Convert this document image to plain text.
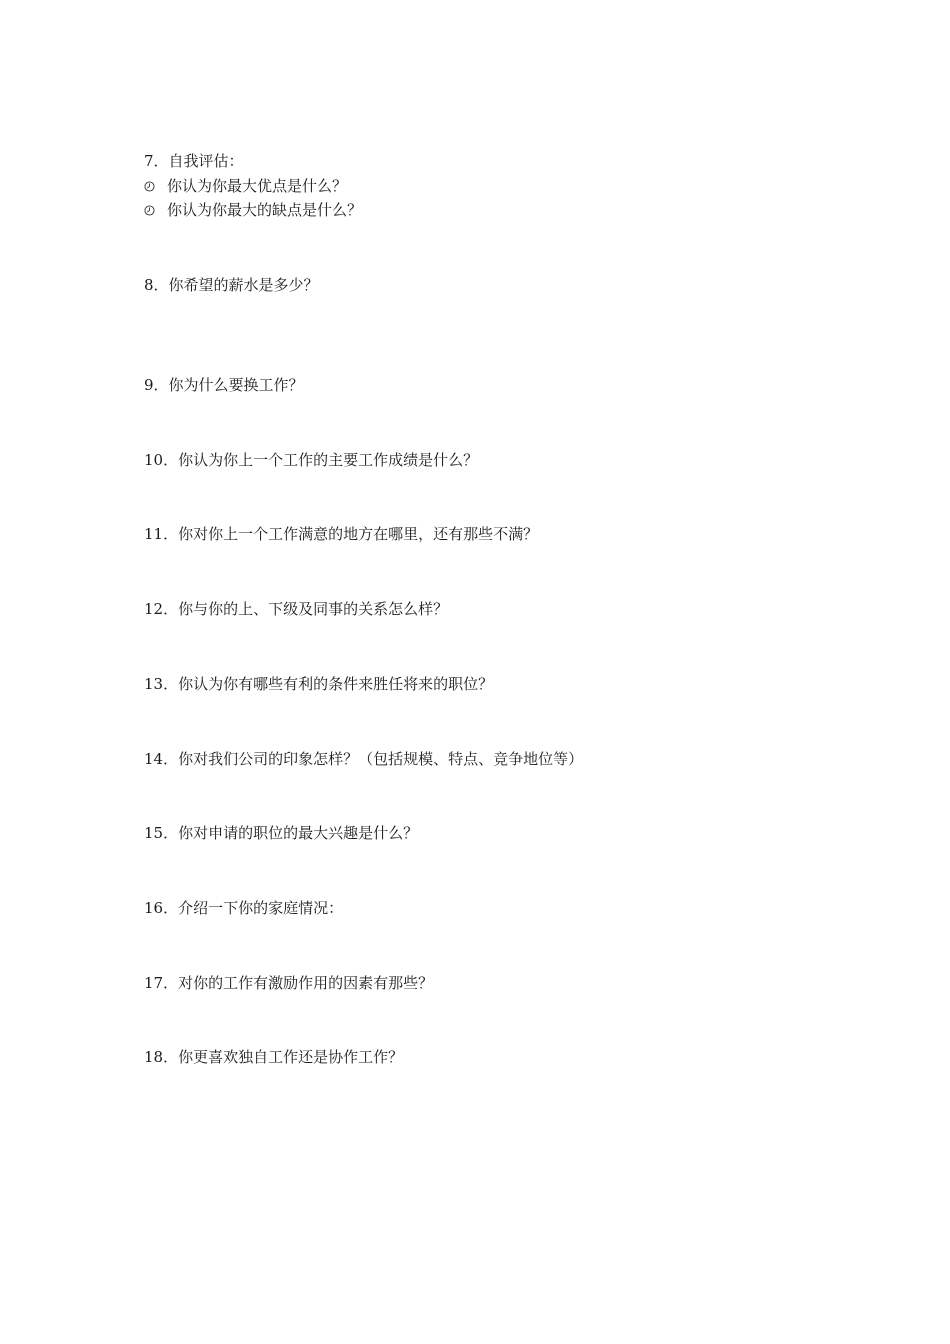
7．自我评估：
你认为你最大优点是什么？
你认为你最大的缺点是什么？
8．你希望的薪水是多少？
9．你为什么要换工作？
10．你认为你上一个工作的主要工作成绩是什么？
11．你对你上一个工作满意的地方在哪里，还有那些不满？
12．你与你的上、下级及同事的关系怎么样？
13．你认为你有哪些有利的条件来胜任将来的职位？
14．你对我们公司的印象怎样？（包括规模、特点、竞争地位等）
15．你对申请的职位的最大兴趣是什么？
16．介绍一下你的家庭情况：
17．对你的工作有激励作用的因素有那些？
18．你更喜欢独自工作还是协作工作？
